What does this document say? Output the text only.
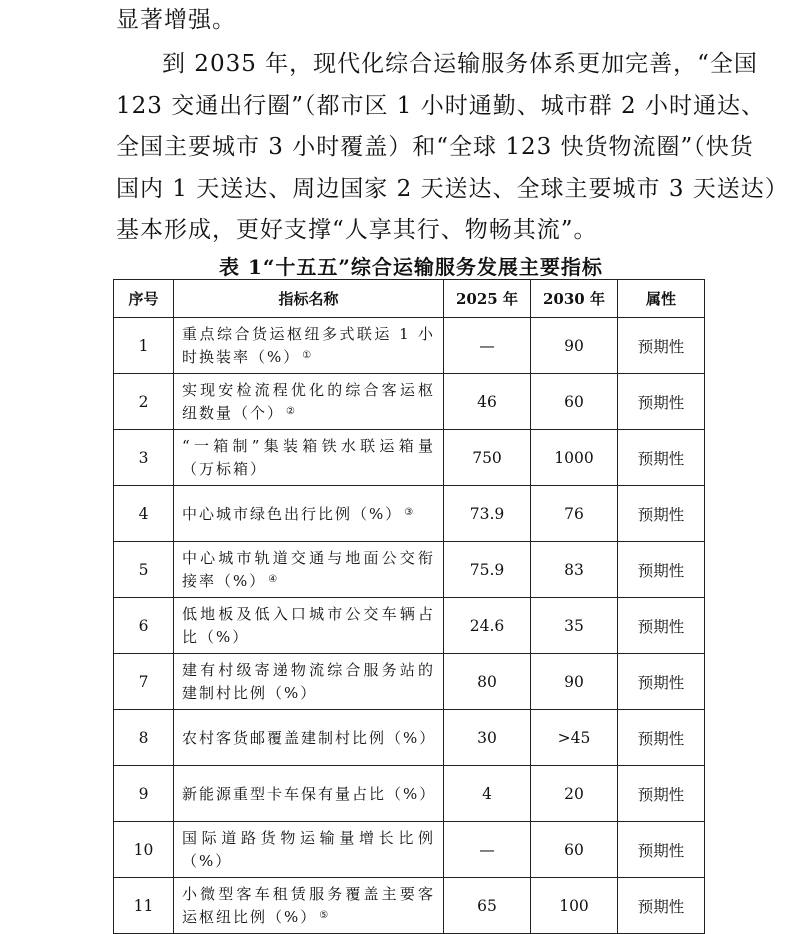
显著增强。

到 2035 年，现代化综合运输服务体系更加完善，“全国
123 交通出行圈”（都市区 1 小时通勤、城市群 2 小时通达、
全国主要城市 3 小时覆盖）和“全球 123 快货物流圈”（快货
国内 1 天送达、周边国家 2 天送达、全球主要城市 3 天送达）
基本形成，更好支撑“人享其行、物畅其流”。

表 1“十五五”综合运输服务发展主要指标
序号	指标名称	2025 年	2030 年	属性
1	重点综合货运枢纽多式联运 1 小时换装率（%） ①	—	90	预期性
2	实现安检流程优化的综合客运枢纽数量（个） ②	46	60	预期性
3	“一箱制”集装箱铁水联运箱量（万标箱）	750	1000	预期性
4	中心城市绿色出行比例（%） ③	73.9	76	预期性
5	中心城市轨道交通与地面公交衔接率（%） ④	75.9	83	预期性
6	低地板及低入口城市公交车辆占比（%）	24.6	35	预期性
7	建有村级寄递物流综合服务站的建制村比例（%）	80	90	预期性
8	农村客货邮覆盖建制村比例（%）	30	>45	预期性
9	新能源重型卡车保有量占比（%）	4	20	预期性
10	国际道路货物运输量增长比例（%）	—	60	预期性
11	小微型客车租赁服务覆盖主要客运枢纽比例（%） ⑤	65	100	预期性
